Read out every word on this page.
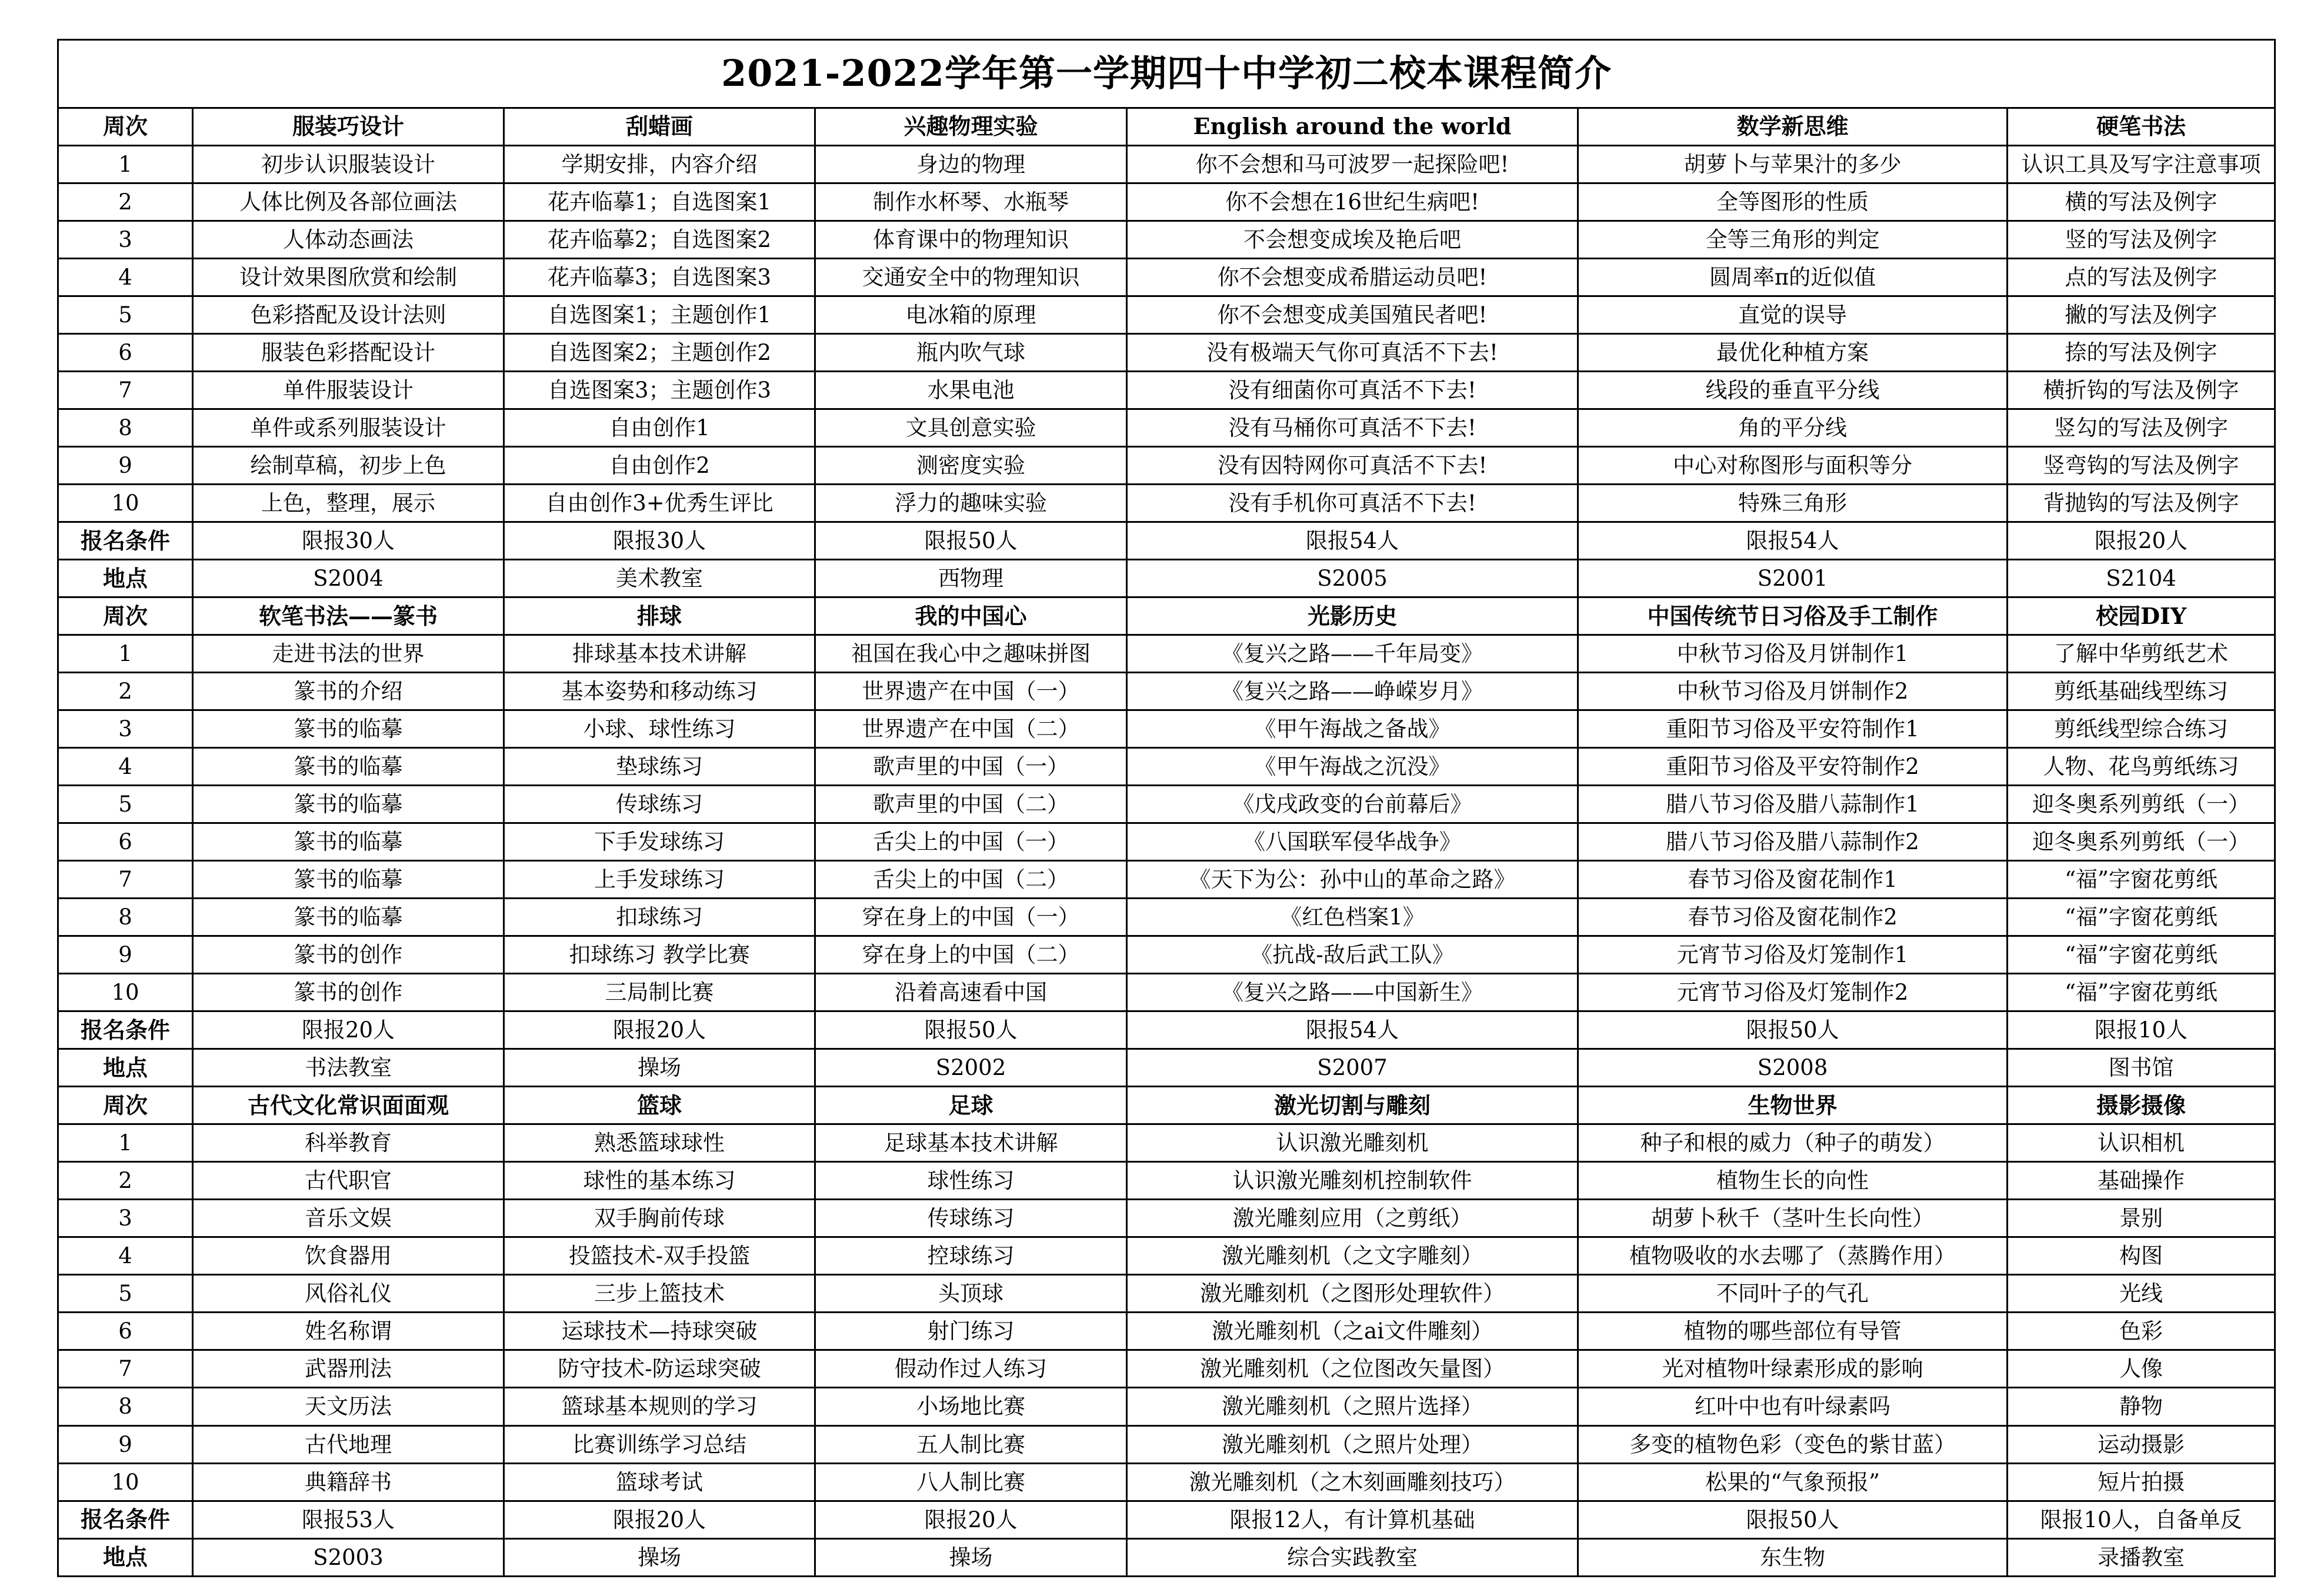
2021-2022学年第一学期四十中学初二校本课程简介						
周次	服装巧设计	刮蜡画	兴趣物理实验	English around the world	数学新思维	硬笔书法
1	初步认识服装设计	学期安排，内容介绍	身边的物理	你不会想和马可波罗一起探险吧!	胡萝卜与苹果汁的多少	认识工具及写字注意事项
2	人体比例及各部位画法	花卉临摹1；自选图案1	制作水杯琴、水瓶琴	你不会想在16世纪生病吧!	全等图形的性质	横的写法及例字
3	人体动态画法	花卉临摹2；自选图案2	体育课中的物理知识	不会想变成埃及艳后吧	全等三角形的判定	竖的写法及例字
4	设计效果图欣赏和绘制	花卉临摹3；自选图案3	交通安全中的物理知识	你不会想变成希腊运动员吧!	圆周率π的近似值	点的写法及例字
5	色彩搭配及设计法则	自选图案1；主题创作1	电冰箱的原理	你不会想变成美国殖民者吧!	直觉的误导	撇的写法及例字
6	服装色彩搭配设计	自选图案2；主题创作2	瓶内吹气球	没有极端天气你可真活不下去!	最优化种植方案	捺的写法及例字
7	单件服装设计	自选图案3；主题创作3	水果电池	没有细菌你可真活不下去!	线段的垂直平分线	横折钩的写法及例字
8	单件或系列服装设计	自由创作1	文具创意实验	没有马桶你可真活不下去!	角的平分线	竖勾的写法及例字
9	绘制草稿，初步上色	自由创作2	测密度实验	没有因特网你可真活不下去!	中心对称图形与面积等分	竖弯钩的写法及例字
10	上色，整理，展示	自由创作3+优秀生评比	浮力的趣味实验	没有手机你可真活不下去!	特殊三角形	背抛钩的写法及例字
报名条件	限报30人	限报30人	限报50人	限报54人	限报54人	限报20人
地点	S2004	美术教室	西物理	S2005	S2001	S2104
周次	软笔书法——篆书	排球	我的中国心	光影历史	中国传统节日习俗及手工制作	校园DIY
1	走进书法的世界	排球基本技术讲解	祖国在我心中之趣味拼图	《复兴之路——千年局变》	中秋节习俗及月饼制作1	了解中华剪纸艺术
2	篆书的介绍	基本姿势和移动练习	世界遗产在中国（一）	《复兴之路——峥嵘岁月》	中秋节习俗及月饼制作2	剪纸基础线型练习
3	篆书的临摹	小球、球性练习	世界遗产在中国（二）	《甲午海战之备战》	重阳节习俗及平安符制作1	剪纸线型综合练习
4	篆书的临摹	垫球练习	歌声里的中国（一）	《甲午海战之沉没》	重阳节习俗及平安符制作2	人物、花鸟剪纸练习
5	篆书的临摹	传球练习	歌声里的中国（二）	《戊戌政变的台前幕后》	腊八节习俗及腊八蒜制作1	迎冬奥系列剪纸（一）
6	篆书的临摹	下手发球练习	舌尖上的中国（一）	《八国联军侵华战争》	腊八节习俗及腊八蒜制作2	迎冬奥系列剪纸（一）
7	篆书的临摹	上手发球练习	舌尖上的中国（二）	《天下为公：孙中山的革命之路》	春节习俗及窗花制作1	“福”字窗花剪纸
8	篆书的临摹	扣球练习	穿在身上的中国（一）	《红色档案1》	春节习俗及窗花制作2	“福”字窗花剪纸
9	篆书的创作	扣球练习 教学比赛	穿在身上的中国（二）	《抗战-敌后武工队》	元宵节习俗及灯笼制作1	“福”字窗花剪纸
10	篆书的创作	三局制比赛	沿着高速看中国	《复兴之路——中国新生》	元宵节习俗及灯笼制作2	“福”字窗花剪纸
报名条件	限报20人	限报20人	限报50人	限报54人	限报50人	限报10人
地点	书法教室	操场	S2002	S2007	S2008	图书馆
周次	古代文化常识面面观	篮球	足球	激光切割与雕刻	生物世界	摄影摄像
1	科举教育	熟悉篮球球性	足球基本技术讲解	认识激光雕刻机	种子和根的威力（种子的萌发）	认识相机
2	古代职官	球性的基本练习	球性练习	认识激光雕刻机控制软件	植物生长的向性	基础操作
3	音乐文娱	双手胸前传球	传球练习	激光雕刻应用（之剪纸）	胡萝卜秋千（茎叶生长向性）	景别
4	饮食器用	投篮技术-双手投篮	控球练习	激光雕刻机（之文字雕刻）	植物吸收的水去哪了（蒸腾作用）	构图
5	风俗礼仪	三步上篮技术	头顶球	激光雕刻机（之图形处理软件）	不同叶子的气孔	光线
6	姓名称谓	运球技术—持球突破	射门练习	激光雕刻机（之ai文件雕刻）	植物的哪些部位有导管	色彩
7	武器刑法	防守技术-防运球突破	假动作过人练习	激光雕刻机（之位图改矢量图）	光对植物叶绿素形成的影响	人像
8	天文历法	篮球基本规则的学习	小场地比赛	激光雕刻机（之照片选择）	红叶中也有叶绿素吗	静物
9	古代地理	比赛训练学习总结	五人制比赛	激光雕刻机（之照片处理）	多变的植物色彩（变色的紫甘蓝）	运动摄影
10	典籍辞书	篮球考试	八人制比赛	激光雕刻机（之木刻画雕刻技巧）	松果的“气象预报”	短片拍摄
报名条件	限报53人	限报20人	限报20人	限报12人，有计算机基础	限报50人	限报10人，自备单反
地点	S2003	操场	操场	综合实践教室	东生物	录播教室
